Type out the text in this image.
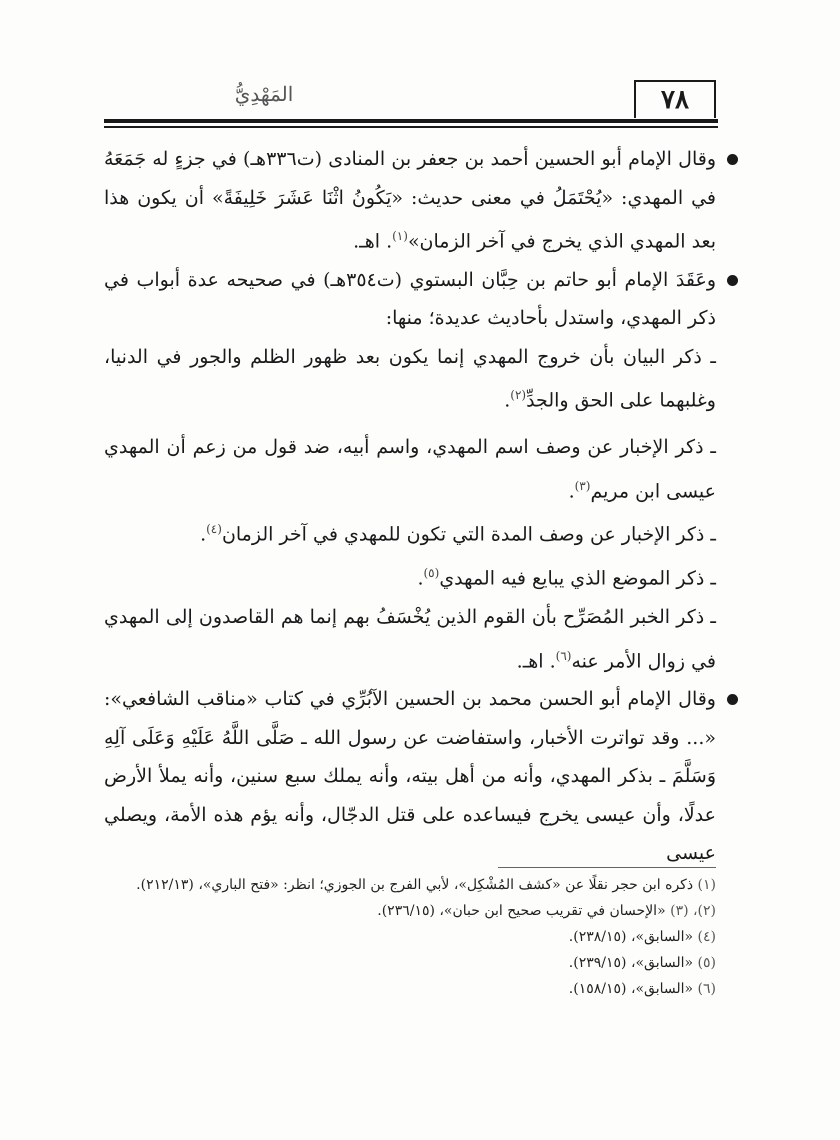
٧٨
المَهْدِيُّ

وقال الإمام أبو الحسين أحمد بن جعفر بن المنادى (ت٣٣٦هـ) في جزءٍ له جَمَعَهُ في المهدي: «يُحْتَمَلُ في معنى حديث: «يَكُونُ اثْنَا عَشَرَ خَلِيفَةً» أن يكون هذا بعد المهدي الذي يخرج في آخر الزمان»$^{(١)}$. اهـ.

وعَقَدَ الإمام أبو حاتم بن حِبَّان البستوي (ت٣٥٤هـ) في صحيحه عدة أبواب في ذكر المهدي، واستدل بأحاديث عديدة؛ منها:

ـ ذكر البيان بأن خروج المهدي إنما يكون بعد ظهور الظلم والجور في الدنيا، وغلبهما على الحق والجدِّ$^{(٢)}$.

ـ ذكر الإخبار عن وصف اسم المهدي، واسم أبيه، ضد قول من زعم أن المهدي عيسى ابن مريم$^{(٣)}$.

ـ ذكر الإخبار عن وصف المدة التي تكون للمهدي في آخر الزمان$^{(٤)}$.

ـ ذكر الموضع الذي يبايع فيه المهدي$^{(٥)}$.

ـ ذكر الخبر المُصَرِّح بأن القوم الذين يُخْسَفُ بهم إنما هم القاصدون إلى المهدي في زوال الأمر عنه$^{(٦)}$. اهـ.

وقال الإمام أبو الحسن محمد بن الحسين الآبُرِّي في كتاب «مناقب الشافعي»: «... وقد تواترت الأخبار، واستفاضت عن رسول الله ـ صَلَّى اللَّهُ عَلَيْهِ وَعَلَى آلِهِ وَسَلَّمَ ـ بذكر المهدي، وأنه من أهل بيته، وأنه يملك سبع سنين، وأنه يملأ الأرض عدلًا، وأن عيسى يخرج فيساعده على قتل الدجّال، وأنه يؤم هذه الأمة، ويصلي عيسى

(١) ذكره ابن حجر نقلًا عن «كشف المُشْكِل»، لأبي الفرج بن الجوزي؛ انظر: «فتح الباري»، (٢١٢/١٣).

(٢)، (٣) «الإحسان في تقريب صحيح ابن حبان»، (٢٣٦/١٥).

(٤) «السابق»، (٢٣٨/١٥).

(٥) «السابق»، (٢٣٩/١٥).

(٦) «السابق»، (١٥٨/١٥).
